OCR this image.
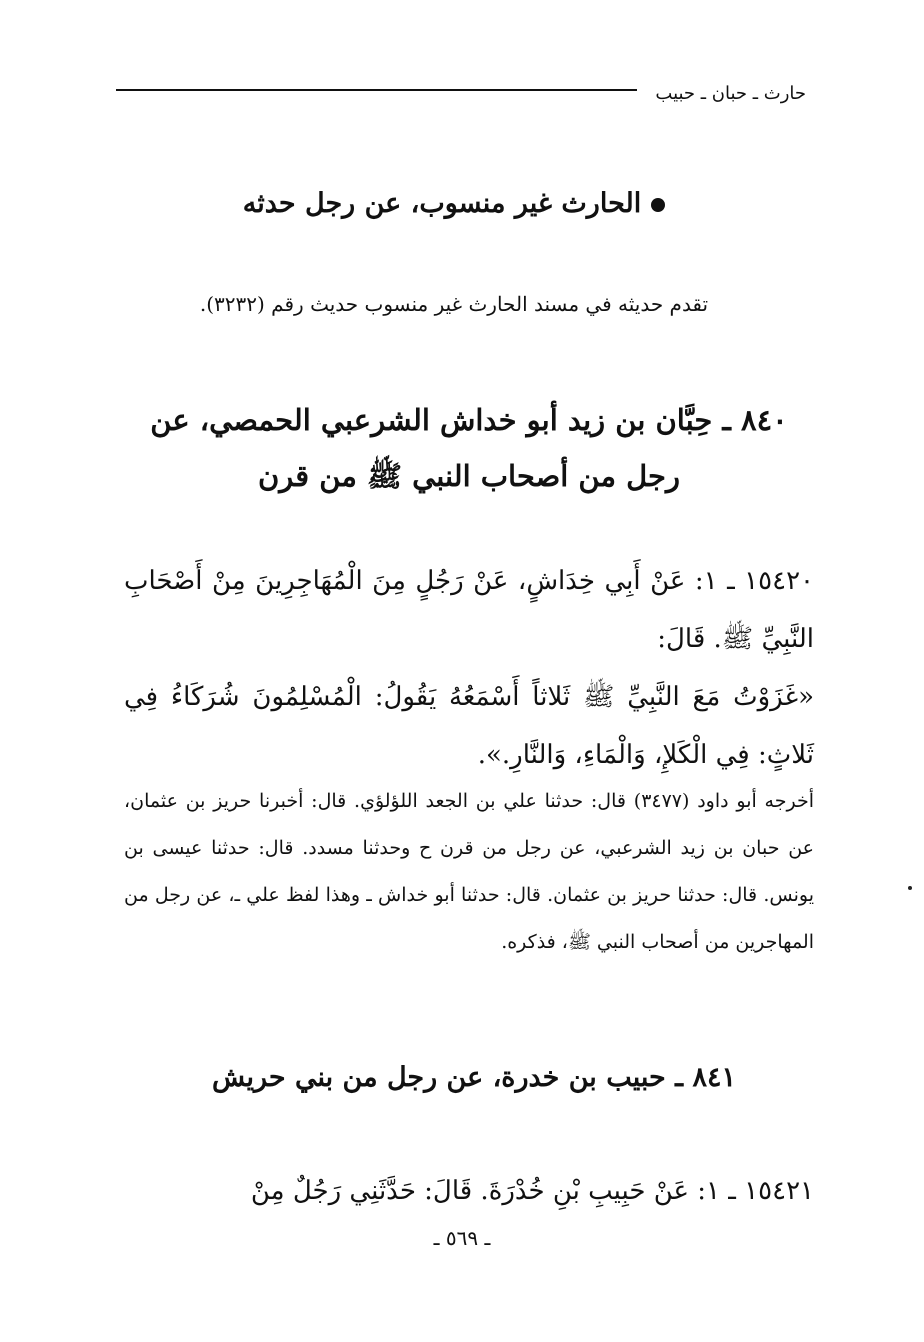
حارث ـ حبان ـ حبيب
الحارث غير منسوب، عن رجل حدثه
تقدم حديثه في مسند الحارث غير منسوب حديث رقم (٣٢٣٢).
٨٤٠ ـ حِبَّان بن زيد أبو خداش الشرعبي الحمصي، عن
رجل من أصحاب النبي ﷺ من قرن
١٥٤٢٠ ـ ١: عَنْ أَبِي خِدَاشٍ، عَنْ رَجُلٍ مِنَ الْمُهَاجِرِينَ مِنْ أَصْحَابِ النَّبِيِّ ﷺ. قَالَ:
«غَزَوْتُ مَعَ النَّبِيِّ ﷺ ثَلاثاً أَسْمَعُهُ يَقُولُ: الْمُسْلِمُونَ شُرَكَاءُ فِي ثَلاثٍ: فِي الْكَلإِ، وَالْمَاءِ، وَالنَّارِ.».
أخرجه أبو داود (٣٤٧٧) قال: حدثنا علي بن الجعد اللؤلؤي. قال: أخبرنا حريز بن عثمان، عن حبان بن زيد الشرعبي، عن رجل من قرن ح وحدثنا مسدد. قال: حدثنا عيسى بن يونس. قال: حدثنا حريز بن عثمان. قال: حدثنا أبو خداش ـ وهذا لفظ علي ـ، عن رجل من المهاجرين من أصحاب النبي ﷺ، فذكره.
٨٤١ ـ حبيب بن خدرة، عن رجل من بني حريش
١٥٤٢١ ـ ١: عَنْ حَبِيبِ بْنِ خُدْرَةَ. قَالَ: حَدَّثَنِي رَجُلٌ مِنْ
ـ ٥٦٩ ـ
